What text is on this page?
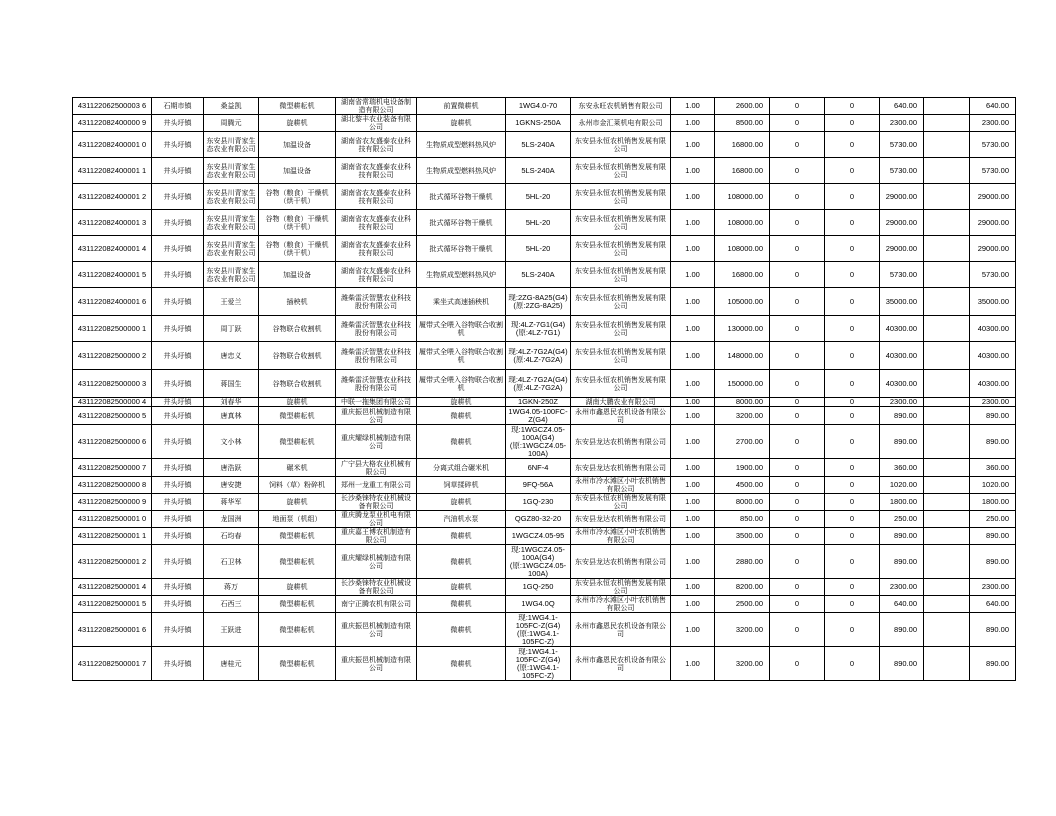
431122062500003 6	石期市镇	桑益凯	微型耕耘机	湖南省常瑞机电设备制造有限公司	前置微耕机	1WG4.0-70	东安永旺农机销售有限公司	1.00	2600.00	0	0	640.00		640.00
431122082400000 9	井头圩镇	周腾元	旋耕机	湖北黎丰农业装备有限公司	旋耕机	1GKNS-250A	永州市金汇莱机电有限公司	1.00	8500.00	0	0	2300.00		2300.00
431122082400001 0	井头圩镇	东安县川青家生态农业有限公司	加温设备	湖南省农友盛泰农业科技有限公司	生物质成型燃料热风炉	5LS-240A	东安县永恒农机销售发展有限公司	1.00	16800.00	0	0	5730.00		5730.00
431122082400001 1	井头圩镇	东安县川青家生态农业有限公司	加温设备	湖南省农友盛泰农业科技有限公司	生物质成型燃料热风炉	5LS-240A	东安县永恒农机销售发展有限公司	1.00	16800.00	0	0	5730.00		5730.00
431122082400001 2	井头圩镇	东安县川青家生态农业有限公司	谷物（粮食）干燥机（烘干机）	湖南省农友盛泰农业科技有限公司	批式循环谷物干燥机	5HL-20	东安县永恒农机销售发展有限公司	1.00	108000.00	0	0	29000.00		29000.00
431122082400001 3	井头圩镇	东安县川青家生态农业有限公司	谷物（粮食）干燥机（烘干机）	湖南省农友盛泰农业科技有限公司	批式循环谷物干燥机	5HL-20	东安县永恒农机销售发展有限公司	1.00	108000.00	0	0	29000.00		29000.00
431122082400001 4	井头圩镇	东安县川青家生态农业有限公司	谷物（粮食）干燥机（烘干机）	湖南省农友盛泰农业科技有限公司	批式循环谷物干燥机	5HL-20	东安县永恒农机销售发展有限公司	1.00	108000.00	0	0	29000.00		29000.00
431122082400001 5	井头圩镇	东安县川青家生态农业有限公司	加温设备	湖南省农友盛泰农业科技有限公司	生物质成型燃料热风炉	5LS-240A	东安县永恒农机销售发展有限公司	1.00	16800.00	0	0	5730.00		5730.00
431122082400001 6	井头圩镇	王爱兰	插秧机	潍柴雷沃智慧农业科技股份有限公司	乘坐式高速插秧机	现:2ZG-8A25(G4)(原:2ZG-8A25)	东安县永恒农机销售发展有限公司	1.00	105000.00	0	0	35000.00		35000.00
431122082500000 1	井头圩镇	周丁跃	谷物联合收割机	潍柴雷沃智慧农业科技股份有限公司	履带式全喂入谷物联合收割机	现:4LZ-7G1(G4)(原:4LZ-7G1)	东安县永恒农机销售发展有限公司	1.00	130000.00	0	0	40300.00		40300.00
431122082500000 2	井头圩镇	唐忠义	谷物联合收割机	潍柴雷沃智慧农业科技股份有限公司	履带式全喂入谷物联合收割机	现:4LZ-7G2A(G4)(原:4LZ-7G2A)	东安县永恒农机销售发展有限公司	1.00	148000.00	0	0	40300.00		40300.00
431122082500000 3	井头圩镇	蒋国生	谷物联合收割机	潍柴雷沃智慧农业科技股份有限公司	履带式全喂入谷物联合收割机	现:4LZ-7G2A(G4)(原:4LZ-7G2A)	东安县永恒农机销售发展有限公司	1.00	150000.00	0	0	40300.00		40300.00
431122082500000 4	井头圩镇	刘春华	旋耕机	中联一拖集团有限公司	旋耕机	1GKN-250Z	湖南大鹏农业有限公司	1.00	8000.00	0	0	2300.00		2300.00
431122082500000 5	井头圩镇	唐真林	微型耕耘机	重庆振邑机械制造有限公司	微耕机	1WG4.05-100FC-Z(G4)	永州市鑫恩民农机设备有限公司	1.00	3200.00	0	0	890.00		890.00
431122082500000 6	井头圩镇	文小林	微型耕耘机	重庆耀绿机械制造有限公司	微耕机	现:1WGCZ4.05-100A(G4)(原:1WGCZ4.05-100A)	东安县龙达农机销售有限公司	1.00	2700.00	0	0	890.00		890.00
431122082500000 7	井头圩镇	唐浩跃	碾米机	广宁县大格农业机械有限公司	分离式组合碾米机	6NF-4	东安县龙达农机销售有限公司	1.00	1900.00	0	0	360.00		360.00
431122082500000 8	井头圩镇	唐安捷	饲料（草）粉碎机	郑州一龙重工有限公司	饲草揉碎机	9FQ-56A	永州市冷水滩区小叶农机销售有限公司	1.00	4500.00	0	0	1020.00		1020.00
431122082500000 9	井头圩镇	蒋华军	旋耕机	长沙桑铼特农业机械设备有限公司	旋耕机	1GQ-230	东安县永恒农机销售发展有限公司	1.00	8000.00	0	0	1800.00		1800.00
431122082500001 0	井头圩镇	龙国洲	地面泵（机组）	重庆腾龙泵业机电有限公司	汽油机水泵	QGZ80-32-20	东安县龙达农机销售有限公司	1.00	850.00	0	0	250.00		250.00
431122082500001 1	井头圩镇	石均春	微型耕耘机	重庆嘉王博农机制造有限公司	微耕机	1WGCZ4.05-95	永州市冷水滩区小叶农机销售有限公司	1.00	3500.00	0	0	890.00		890.00
431122082500001 2	井头圩镇	石卫林	微型耕耘机	重庆耀绿机械制造有限公司	微耕机	现:1WGCZ4.05-100A(G4)(原:1WGCZ4.05-100A)	东安县龙达农机销售有限公司	1.00	2880.00	0	0	890.00		890.00
431122082500001 4	井头圩镇	蒋万	旋耕机	长沙桑铼特农业机械设备有限公司	旋耕机	1GQ-250	东安县永恒农机销售发展有限公司	1.00	8200.00	0	0	2300.00		2300.00
431122082500001 5	井头圩镇	石西三	微型耕耘机	南宁正腾农机有限公司	微耕机	1WG4.0Q	永州市冷水滩区小叶农机销售有限公司	1.00	2500.00	0	0	640.00		640.00
431122082500001 6	井头圩镇	王跃进	微型耕耘机	重庆振邑机械制造有限公司	微耕机	现:1WG4.1-105FC-Z(G4)(原:1WG4.1-105FC-Z)	永州市鑫恩民农机设备有限公司	1.00	3200.00	0	0	890.00		890.00
431122082500001 7	井头圩镇	唐桂元	微型耕耘机	重庆振邑机械制造有限公司	微耕机	现:1WG4.1-105FC-Z(G4)(原:1WG4.1-105FC-Z)	永州市鑫恩民农机设备有限公司	1.00	3200.00	0	0	890.00		890.00
